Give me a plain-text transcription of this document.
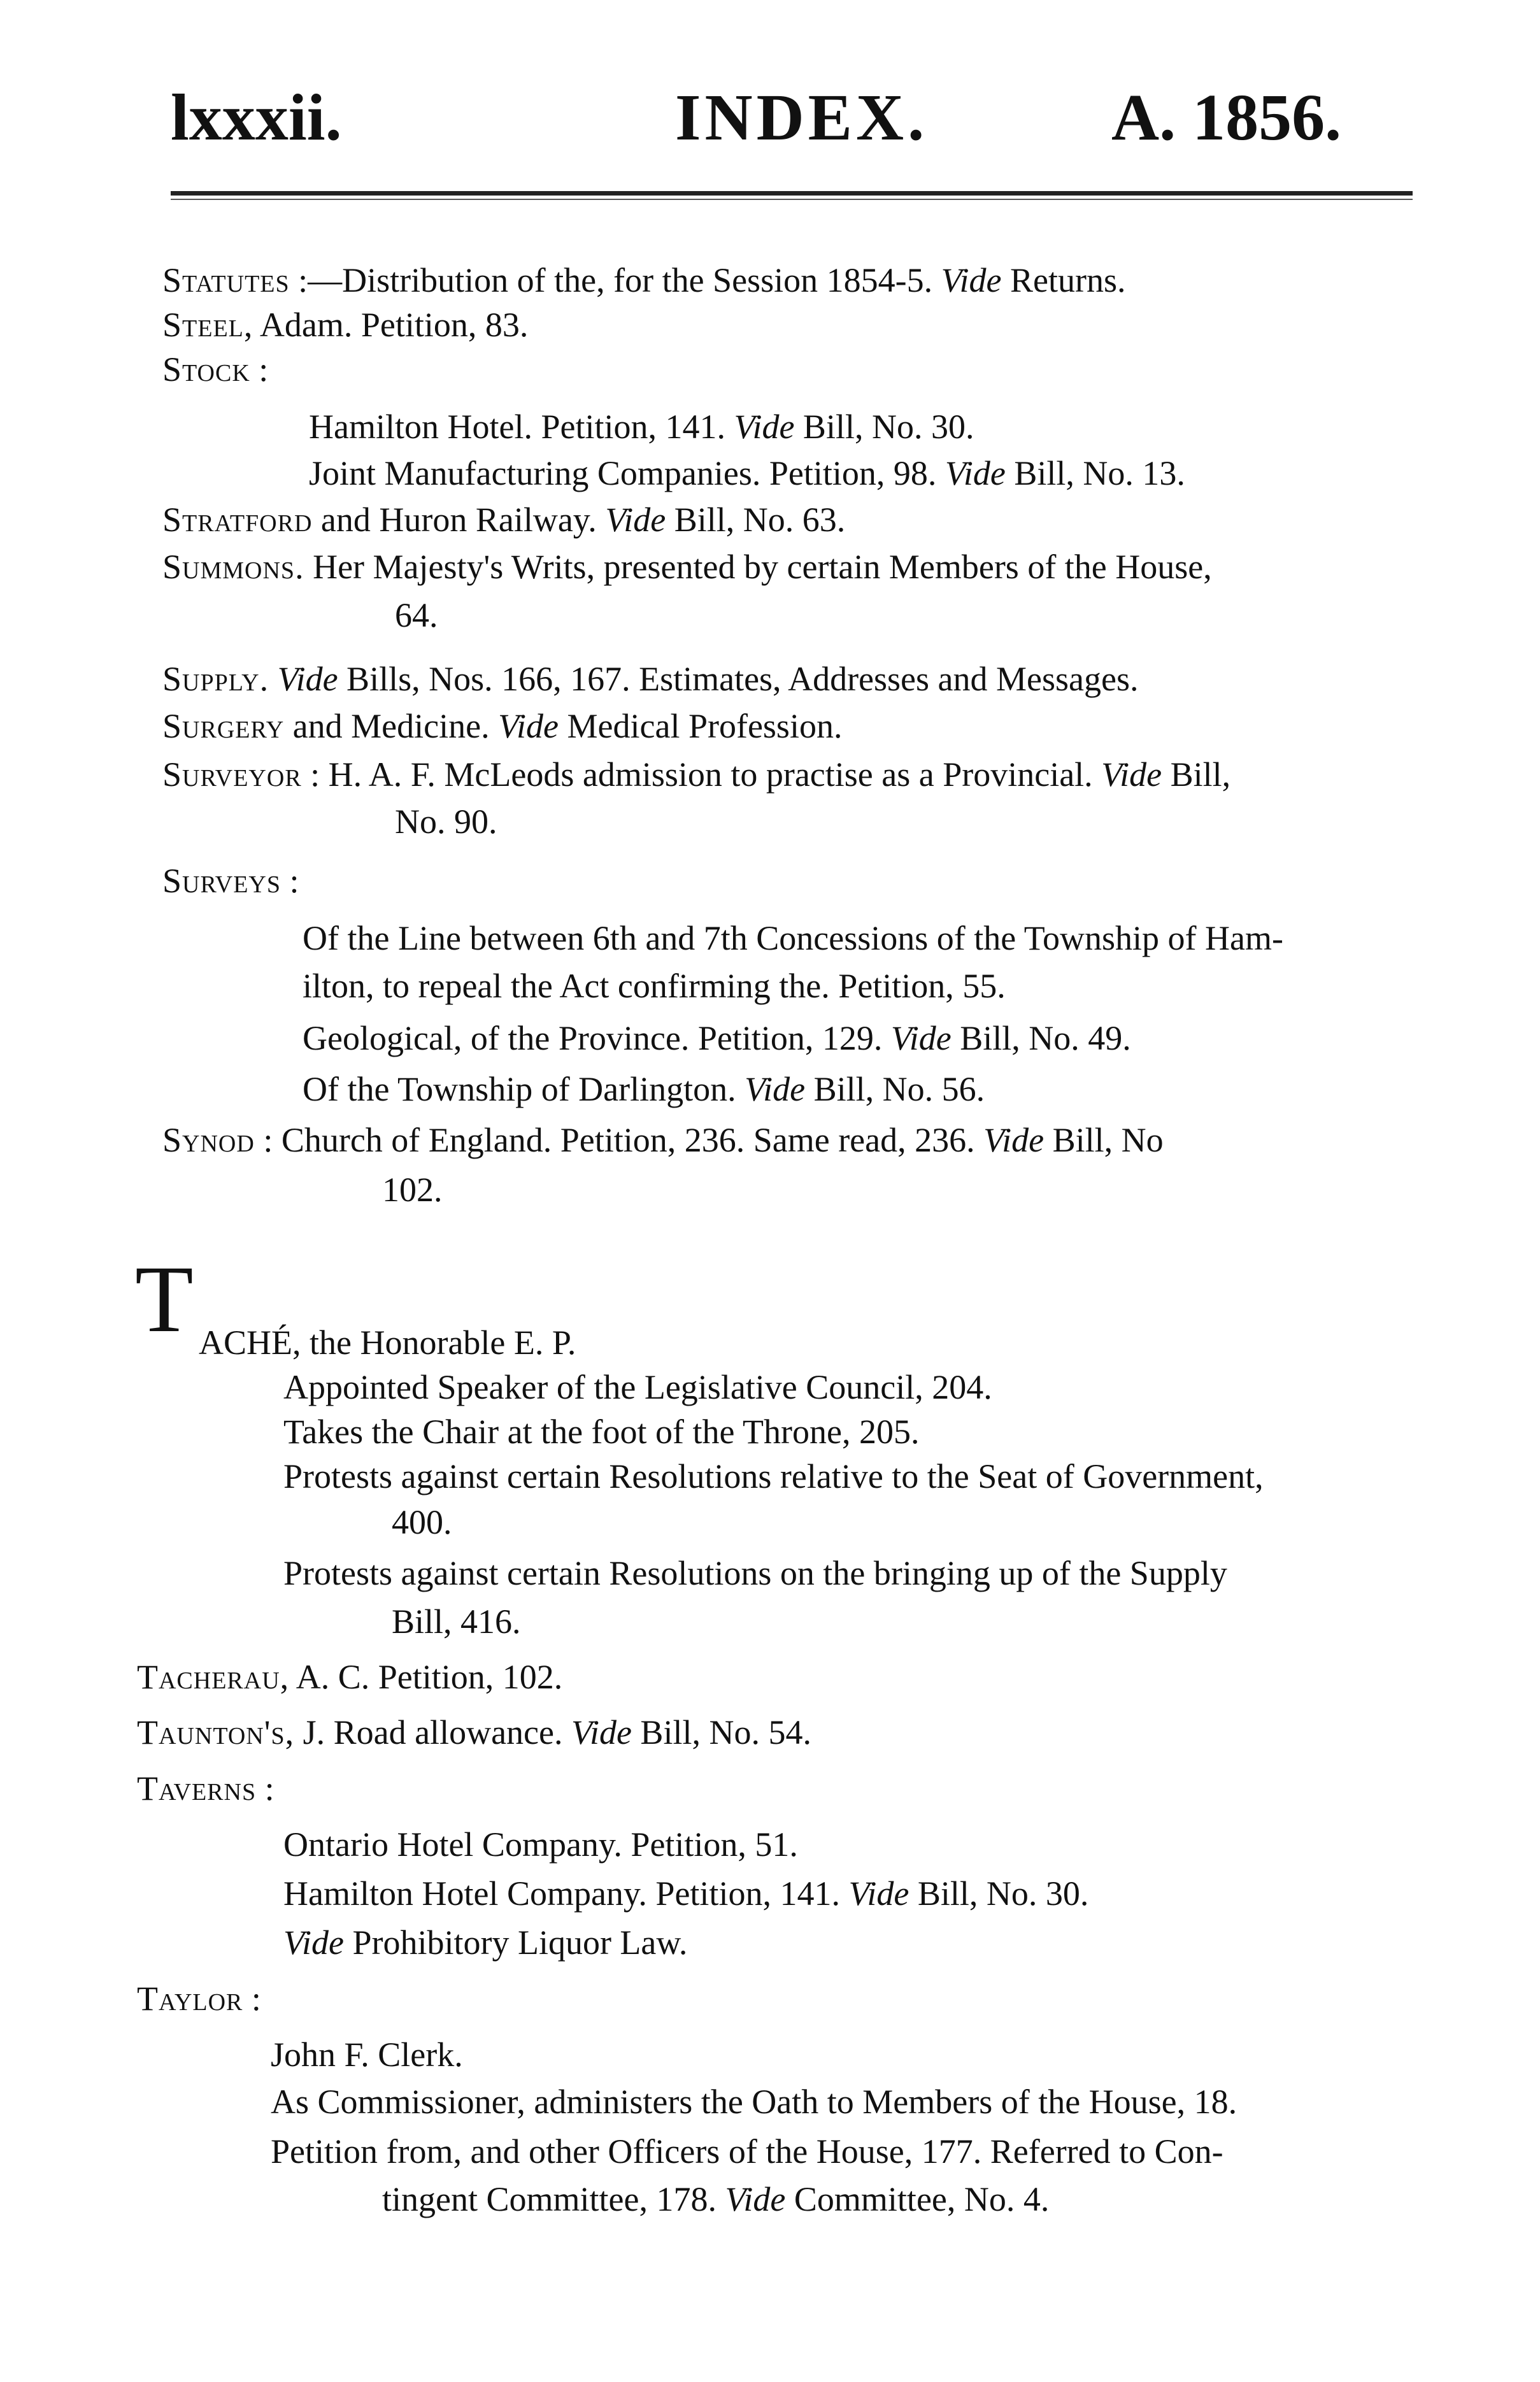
lxxxii.	INDEX.	A. 1856.
T
Statutes :—Distribution of the, for the Session 1854-5. Vide Returns.
Steel, Adam. Petition, 83.
Stock :
Hamilton Hotel. Petition, 141. Vide Bill, No. 30.
Joint Manufacturing Companies. Petition, 98. Vide Bill, No. 13.
Stratford and Huron Railway. Vide Bill, No. 63.
Summons. Her Majesty's Writs, presented by certain Members of the House,
64.
Supply. Vide Bills, Nos. 166, 167. Estimates, Addresses and Messages.
Surgery and Medicine. Vide Medical Profession.
Surveyor : H. A. F. McLeods admission to practise as a Provincial. Vide Bill,
No. 90.
Surveys :
Of the Line between 6th and 7th Concessions of the Township of Ham-
ilton, to repeal the Act confirming the. Petition, 55.
Geological, of the Province. Petition, 129. Vide Bill, No. 49.
Of the Township of Darlington. Vide Bill, No. 56.
Synod : Church of England. Petition, 236. Same read, 236. Vide Bill, No
102.
ACHÉ, the Honorable E. P.
Appointed Speaker of the Legislative Council, 204.
Takes the Chair at the foot of the Throne, 205.
Protests against certain Resolutions relative to the Seat of Government,
400.
Protests against certain Resolutions on the bringing up of the Supply
Bill, 416.
Tacherau, A. C. Petition, 102.
Taunton's, J. Road allowance. Vide Bill, No. 54.
Taverns :
Ontario Hotel Company. Petition, 51.
Hamilton Hotel Company. Petition, 141. Vide Bill, No. 30.
Vide Prohibitory Liquor Law.
Taylor :
John F. Clerk.
As Commissioner, administers the Oath to Members of the House, 18.
Petition from, and other Officers of the House, 177. Referred to Con-
tingent Committee, 178. Vide Committee, No. 4.
